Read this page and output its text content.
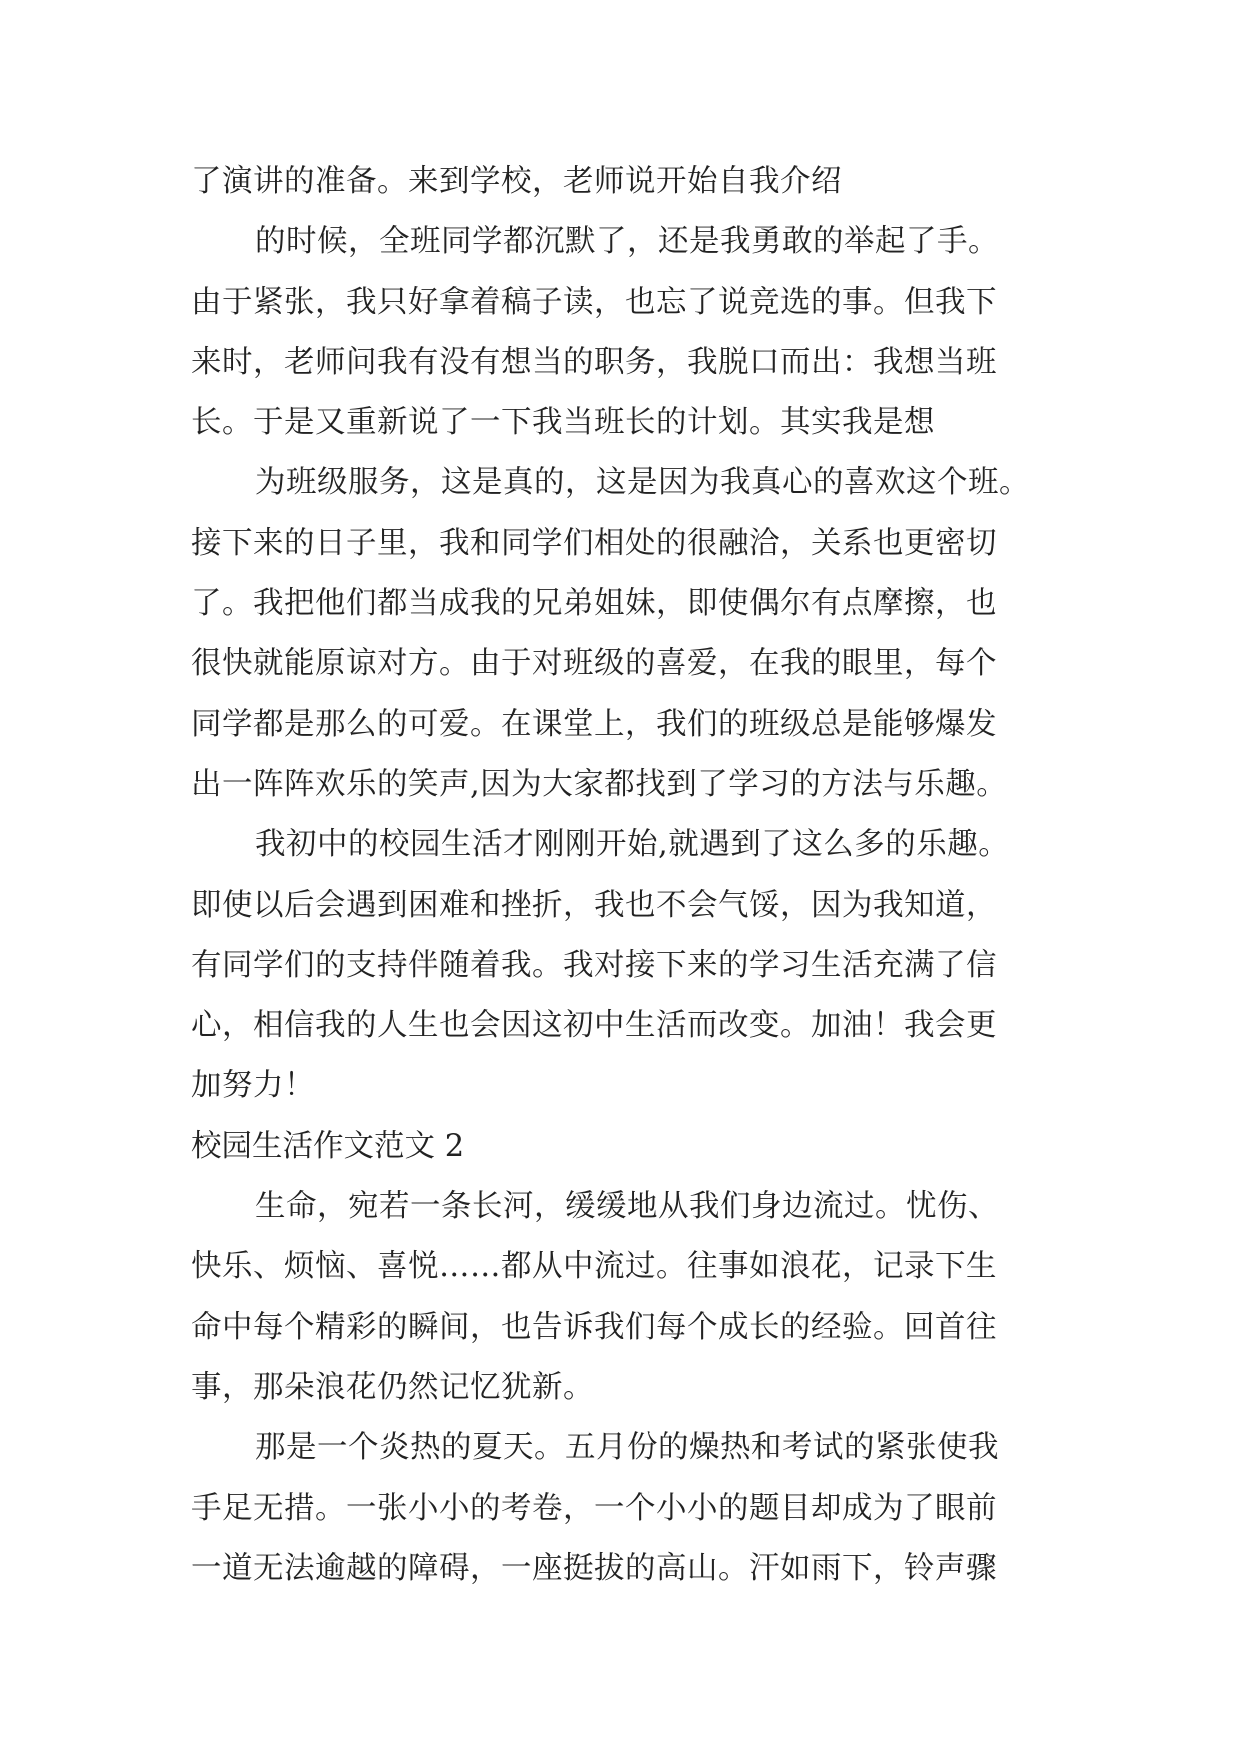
了演讲的准备。来到学校，老师说开始自我介绍
的时候，全班同学都沉默了，还是我勇敢的举起了手。
由于紧张，我只好拿着稿子读，也忘了说竞选的事。但我下
来时，老师问我有没有想当的职务，我脱口而出：我想当班
长。于是又重新说了一下我当班长的计划。其实我是想
为班级服务，这是真的，这是因为我真心的喜欢这个班。
接下来的日子里，我和同学们相处的很融洽，关系也更密切
了。我把他们都当成我的兄弟姐妹，即使偶尔有点摩擦，也
很快就能原谅对方。由于对班级的喜爱，在我的眼里，每个
同学都是那么的可爱。在课堂上，我们的班级总是能够爆发
出一阵阵欢乐的笑声,因为大家都找到了学习的方法与乐趣。
我初中的校园生活才刚刚开始,就遇到了这么多的乐趣。
即使以后会遇到困难和挫折，我也不会气馁，因为我知道，
有同学们的支持伴随着我。我对接下来的学习生活充满了信
心，相信我的人生也会因这初中生活而改变。加油！我会更
加努力！
校园生活作文范文 2
生命，宛若一条长河，缓缓地从我们身边流过。忧伤、
快乐、烦恼、喜悦……都从中流过。往事如浪花，记录下生
命中每个精彩的瞬间，也告诉我们每个成长的经验。回首往
事，那朵浪花仍然记忆犹新。
那是一个炎热的夏天。五月份的燥热和考试的紧张使我
手足无措。一张小小的考卷，一个小小的题目却成为了眼前
一道无法逾越的障碍，一座挺拔的高山。汗如雨下，铃声骤
